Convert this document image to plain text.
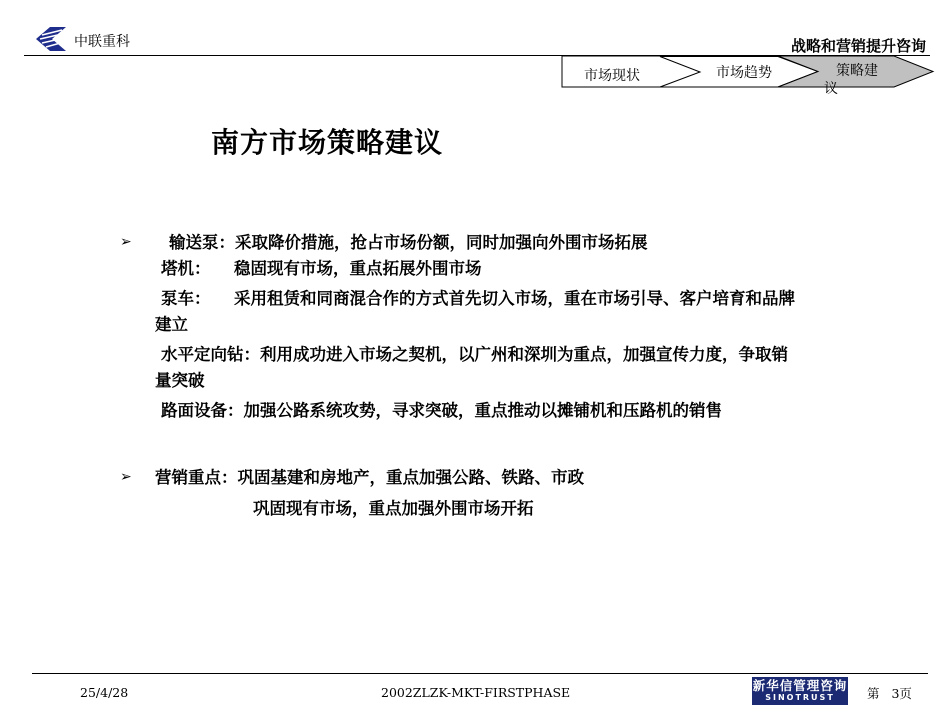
中联重科	战略和营销提升咨询
市场现状	市场趋势	策略建议
南方市场策略建议
➢	输送泵：采取降价措施，抢占市场份额，同时加强向外围市场拓展
塔机： 稳固现有市场，重点拓展外围市场
泵车： 采用租赁和同商混合作的方式首先切入市场，重在市场引导、客户培育和品牌
建立
水平定向钻：利用成功进入市场之契机，以广州和深圳为重点，加强宣传力度，争取销
量突破
路面设备：加强公路系统攻势，寻求突破，重点推动以摊铺机和压路机的销售
➢ 营销重点：巩固基建和房地产，重点加强公路、铁路、市政
巩固现有市场，重点加强外围市场开拓
25/4/28	2002ZLZK-MKT-FIRSTPHASE	新华信管理咨询
SINOTRUST	第 3页
